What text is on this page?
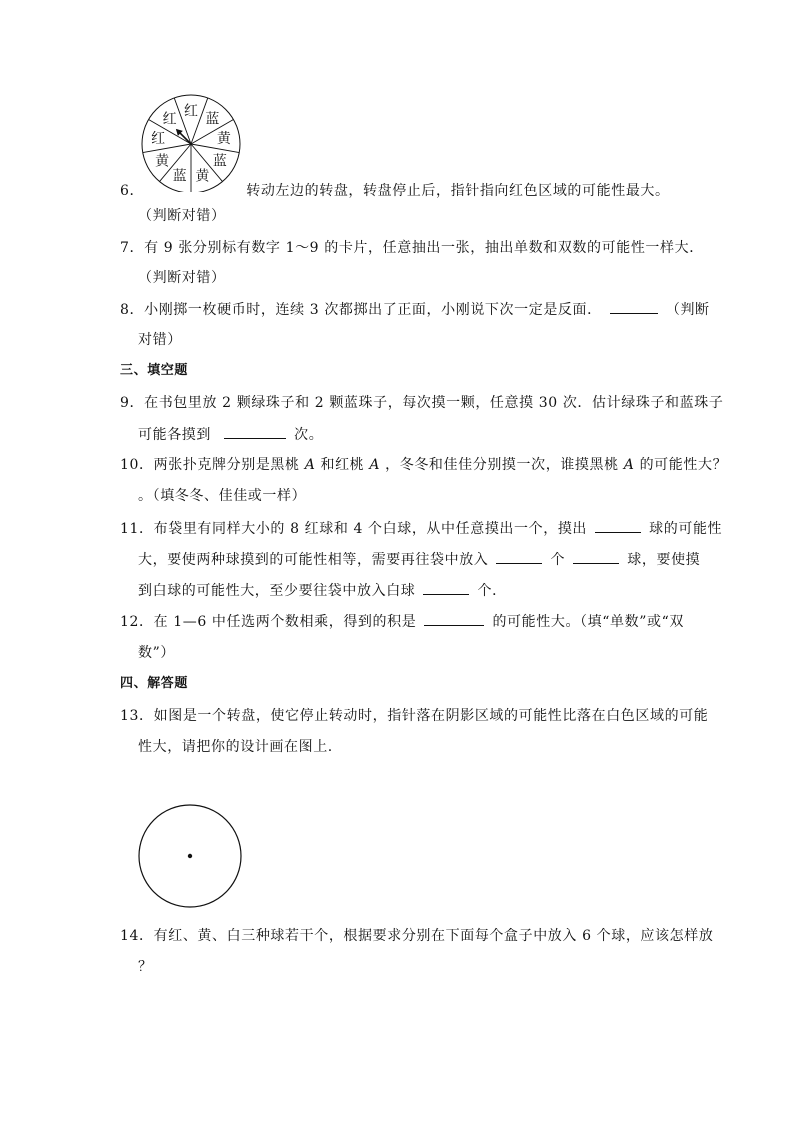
红 蓝
黄
蓝
黄
蓝
黄
红
红
6．	转动左边的转盘，转盘停止后，指针指向红色区域的可能性最大。
（判断对错）
7．有 9 张分别标有数字 1～9 的卡片，任意抽出一张，抽出单数和双数的可能性一样大．
（判断对错）
8．小刚掷一枚硬币时，连续 3 次都掷出了正面，小刚说下次一定是反面．	（判断
对错）
三、填空题
9．在书包里放 2 颗绿珠子和 2 颗蓝珠子，每次摸一颗，任意摸 30 次．估计绿珠子和蓝珠子
可能各摸到	次。
10．两张扑克牌分别是黑桃 A 和红桃 A ，冬冬和佳佳分别摸一次，谁摸黑桃 A 的可能性大？
。（填冬冬、佳佳或一样）
11．布袋里有同样大小的 8 红球和 4 个白球，从中任意摸出一个，摸出	球的可能性
大，要使两种球摸到的可能性相等，需要再往袋中放入	个	球，要使摸
到白球的可能性大，至少要往袋中放入白球	个．
12．在 1—6 中任选两个数相乘，得到的积是	的可能性大。（填“单数”或“双
数”）
四、解答题
13．如图是一个转盘，使它停止转动时，指针落在阴影区域的可能性比落在白色区域的可能
性大，请把你的设计画在图上.
14．有红、黄、白三种球若干个，根据要求分别在下面每个盒子中放入 6 个球，应该怎样放
？
